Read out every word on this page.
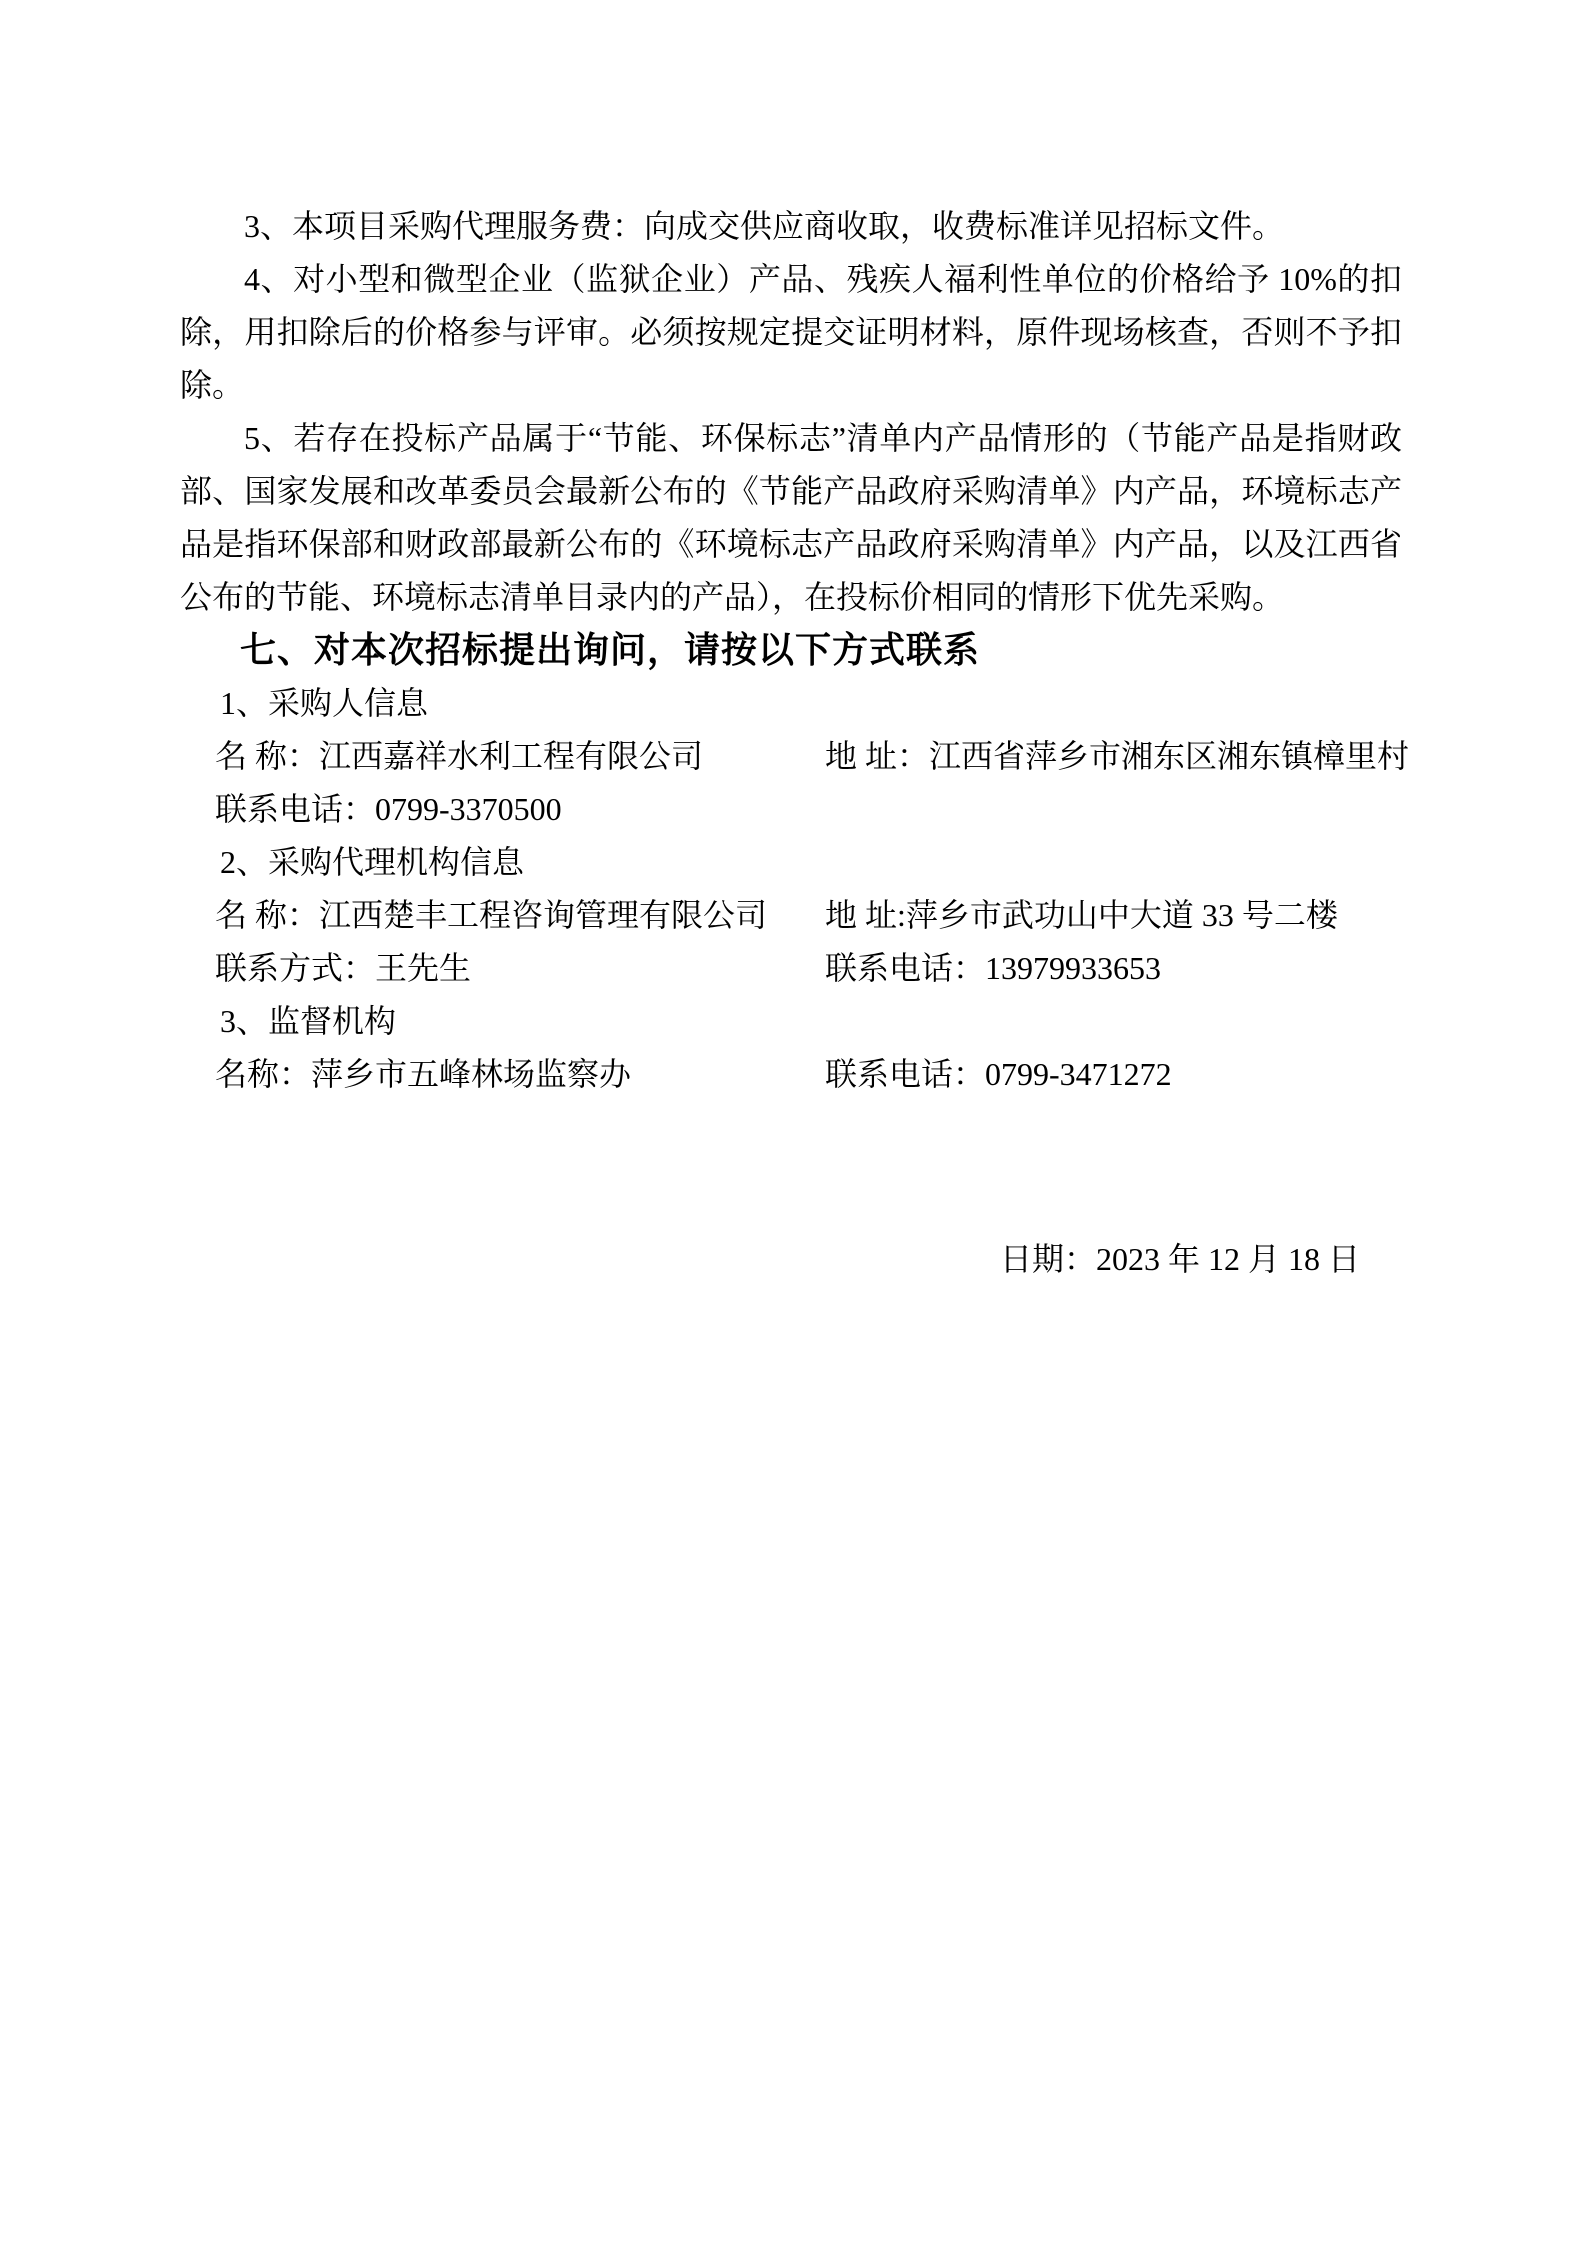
3、本项目采购代理服务费：向成交供应商收取，收费标准详见招标文件。

4、对小型和微型企业（监狱企业）产品、残疾人福利性单位的价格给予 10%的扣除，用扣除后的价格参与评审。必须按规定提交证明材料，原件现场核查，否则不予扣除。

5、若存在投标产品属于“节能、环保标志”清单内产品情形的（节能产品是指财政部、国家发展和改革委员会最新公布的《节能产品政府采购清单》内产品，环境标志产品是指环保部和财政部最新公布的《环境标志产品政府采购清单》内产品，以及江西省公布的节能、环境标志清单目录内的产品），在投标价相同的情形下优先采购。

七、对本次招标提出询问，请按以下方式联系
1、采购人信息
名 称：江西嘉祥水利工程有限公司	地 址：江西省萍乡市湘东区湘东镇樟里村
联系电话：0799-3370500
2、采购代理机构信息
名 称：江西楚丰工程咨询管理有限公司	地 址:萍乡市武功山中大道 33 号二楼
联系方式：王先生	联系电话：13979933653
3、监督机构
名称：萍乡市五峰林场监察办	联系电话：0799-3471272
日期：2023 年 12 月 18 日
